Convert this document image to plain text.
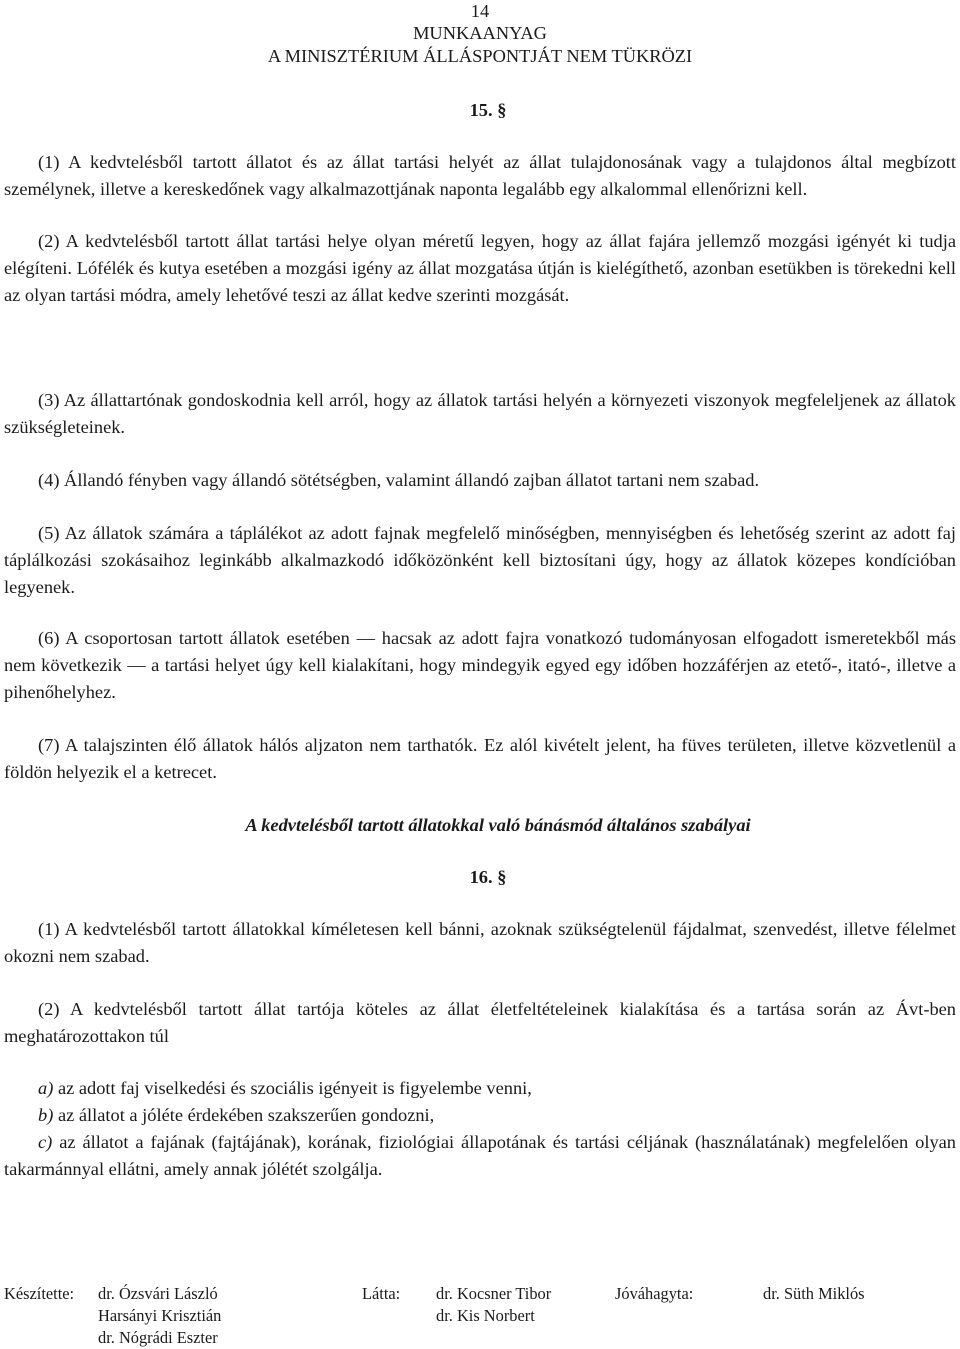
14
MUNKAANYAG
A MINISZTÉRIUM ÁLLÁSPONTJÁT NEM TÜKRÖZI
15. §

(1) A kedvtelésből tartott állatot és az állat tartási helyét az állat tulajdonosának vagy a tulajdonos által megbízott személynek, illetve a kereskedőnek vagy alkalmazottjának naponta legalább egy alkalommal ellenőrizni kell.

(2) A kedvtelésből tartott állat tartási helye olyan méretű legyen, hogy az állat fajára jellemző mozgási igényét ki tudja elégíteni. Lófélék és kutya esetében a mozgási igény az állat mozgatása útján is kielégíthető, azonban esetükben is törekedni kell az olyan tartási módra, amely lehetővé teszi az állat kedve szerinti mozgását.

(3) Az állattartónak gondoskodnia kell arról, hogy az állatok tartási helyén a környezeti viszonyok megfeleljenek az állatok szükségleteinek.

(4) Állandó fényben vagy állandó sötétségben, valamint állandó zajban állatot tartani nem szabad.

(5) Az állatok számára a táplálékot az adott fajnak megfelelő minőségben, mennyiségben és lehetőség szerint az adott faj táplálkozási szokásaihoz leginkább alkalmazkodó időközönként kell biztosítani úgy, hogy az állatok közepes kondícióban legyenek.

(6) A csoportosan tartott állatok esetében — hacsak az adott fajra vonatkozó tudományosan elfogadott ismeretekből más nem következik — a tartási helyet úgy kell kialakítani, hogy mindegyik egyed egy időben hozzáférjen az etető-, itató-, illetve a pihenőhelyhez.

(7) A talajszinten élő állatok hálós aljzaton nem tarthatók. Ez alól kivételt jelent, ha füves területen, illetve közvetlenül a földön helyezik el a ketrecet.

A kedvtelésből tartott állatokkal való bánásmód általános szabályai
16. §

(1) A kedvtelésből tartott állatokkal kíméletesen kell bánni, azoknak szükségtelenül fájdalmat, szenvedést, illetve félelmet okozni nem szabad.

(2) A kedvtelésből tartott állat tartója köteles az állat életfeltételeinek kialakítása és a tartása során az Ávt-ben meghatározottakon túl

a) az adott faj viselkedési és szociális igényeit is figyelembe venni,
b) az állatot a jóléte érdekében szakszerűen gondozni,
c) az állatot a fajának (fajtájának), korának, fiziológiai állapotának és tartási céljának (használatának) megfelelően olyan takarmánnyal ellátni, amely annak jólétét szolgálja.
Készítette: dr. Ózsvári László
Harsányi Krisztián
dr. Nógrádi Eszter
Látta: dr. Kocsner Tibor
dr. Kis Norbert
Jóváhagyta:	dr. Süth Miklós
